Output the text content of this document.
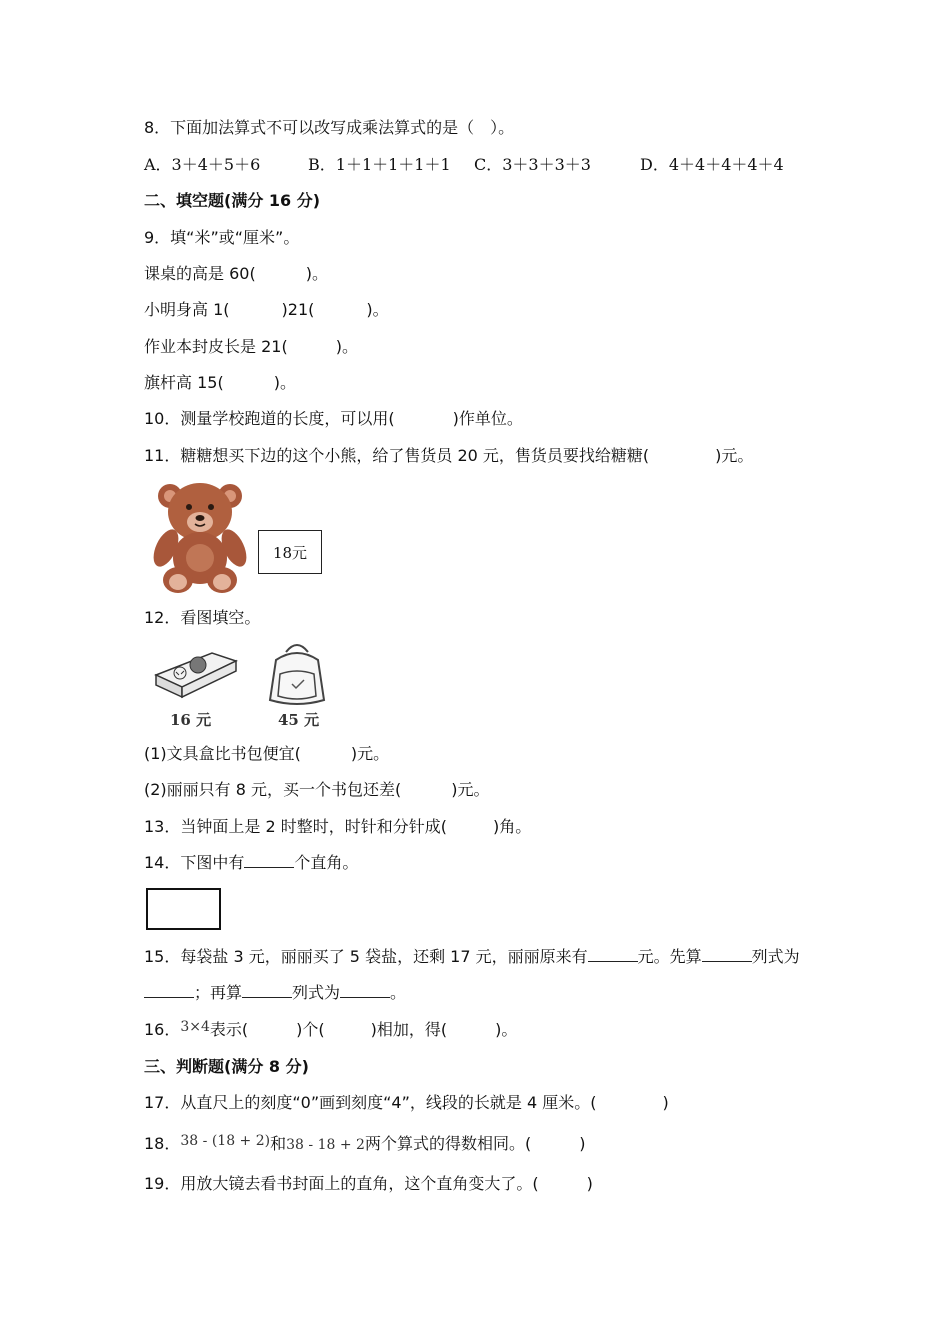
8．下面加法算式不可以改写成乘法算式的是（　）。
A．3＋4＋5＋6	B．1＋1＋1＋1＋1 C．3＋3＋3＋3	D．4＋4＋4＋4＋4
二、填空题(满分 16 分)
9．填“米”或“厘米”。
课桌的高是 60(	)。
小明身高 1(	)21(	)。
作业本封皮长是 21(	)。
旗杆高 15(	)。
10．测量学校跑道的长度，可以用(	)作单位。
11．糖糖想买下边的这个小熊，给了售货员 20 元，售货员要找给糖糖(	)元。
18元
12．看图填空。
16 元	45 元
(1)文具盒比书包便宜(	)元。
(2)丽丽只有 8 元，买一个书包还差(	)元。
13．当钟面上是 2 时整时，时针和分针成(	)角。
14．下图中有	个直角。
15．每袋盐 3 元，丽丽买了 5 袋盐，还剩 17 元，丽丽原来有	元。先算	列式为
；再算	列式为	。
16．3×4表示(	)个(	)相加，得(	)。
三、判断题(满分 8 分)
17．从直尺上的刻度“0”画到刻度“4”，线段的长就是 4 厘米。(	)
18．38 - (18 + 2)和38 - 18 + 2两个算式的得数相同。(	)
19．用放大镜去看书封面上的直角，这个直角变大了。(	)
